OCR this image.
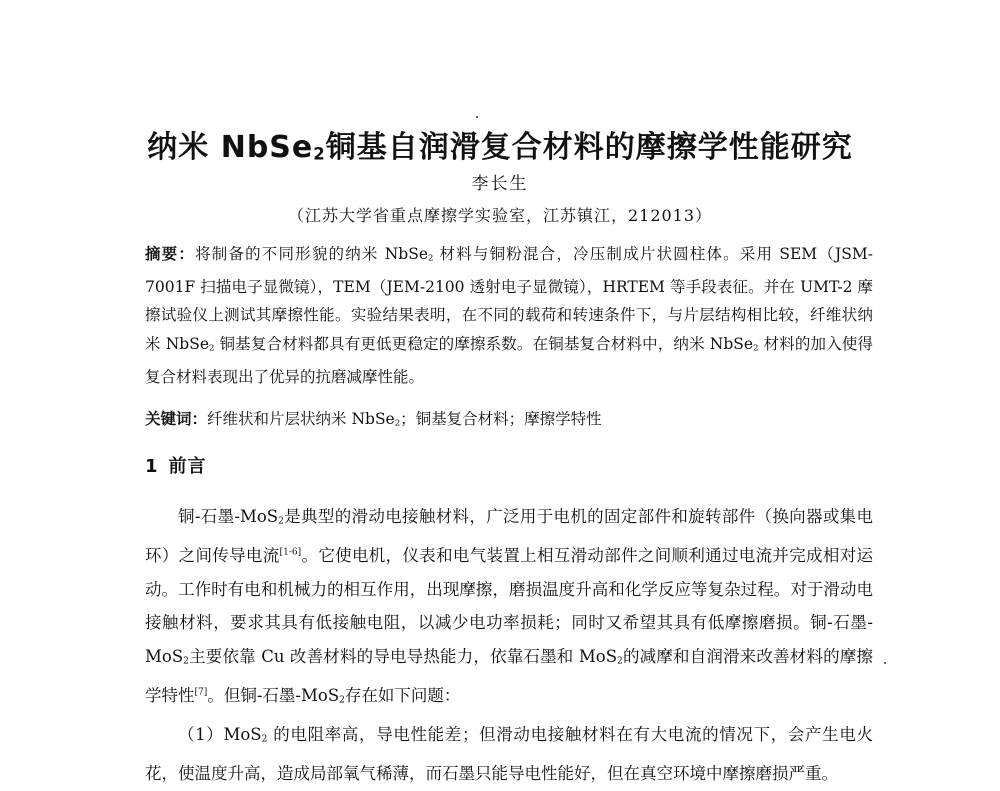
纳米 NbSe$_2$铜基自润滑复合材料的摩擦学性能研究
李长生
（江苏大学省重点摩擦学实验室，江苏镇江，212013）
摘要：将制备的不同形貌的纳米 NbSe$_2$ 材料与铜粉混合，冷压制成片状圆柱体。采用 SEM（JSM-7001F 扫描电子显微镜），TEM（JEM-2100 透射电子显微镜），HRTEM 等手段表征。并在 UMT-2 摩擦试验仪上测试其摩擦性能。实验结果表明，在不同的载荷和转速条件下，与片层结构相比较，纤维状纳米 NbSe$_2$ 铜基复合材料都具有更低更稳定的摩擦系数。在铜基复合材料中，纳米 NbSe$_2$ 材料的加入使得复合材料表现出了优异的抗磨减摩性能。
关键词：纤维状和片层状纳米 NbSe$_2$；铜基复合材料；摩擦学特性
1 前言

铜-石墨-MoS$_2$是典型的滑动电接触材料，广泛用于电机的固定部件和旋转部件（换向器或集电环）之间传导电流[1-6]。它使电机，仪表和电气装置上相互滑动部件之间顺利通过电流并完成相对运动。工作时有电和机械力的相互作用，出现摩擦，磨损温度升高和化学反应等复杂过程。对于滑动电接触材料，要求其具有低接触电阻，以减少电功率损耗；同时又希望其具有低摩擦磨损。铜-石墨-MoS$_2$主要依靠 Cu 改善材料的导电导热能力，依靠石墨和 MoS$_2$的减摩和自润滑来改善材料的摩擦学特性[7]。但铜-石墨-MoS$_2$存在如下问题：

（1）MoS$_2$ 的电阻率高，导电性能差；但滑动电接触材料在有大电流的情况下，会产生电火花，使温度升高，造成局部氧气稀薄，而石墨只能导电性能好，但在真空环境中摩擦磨损严重。
